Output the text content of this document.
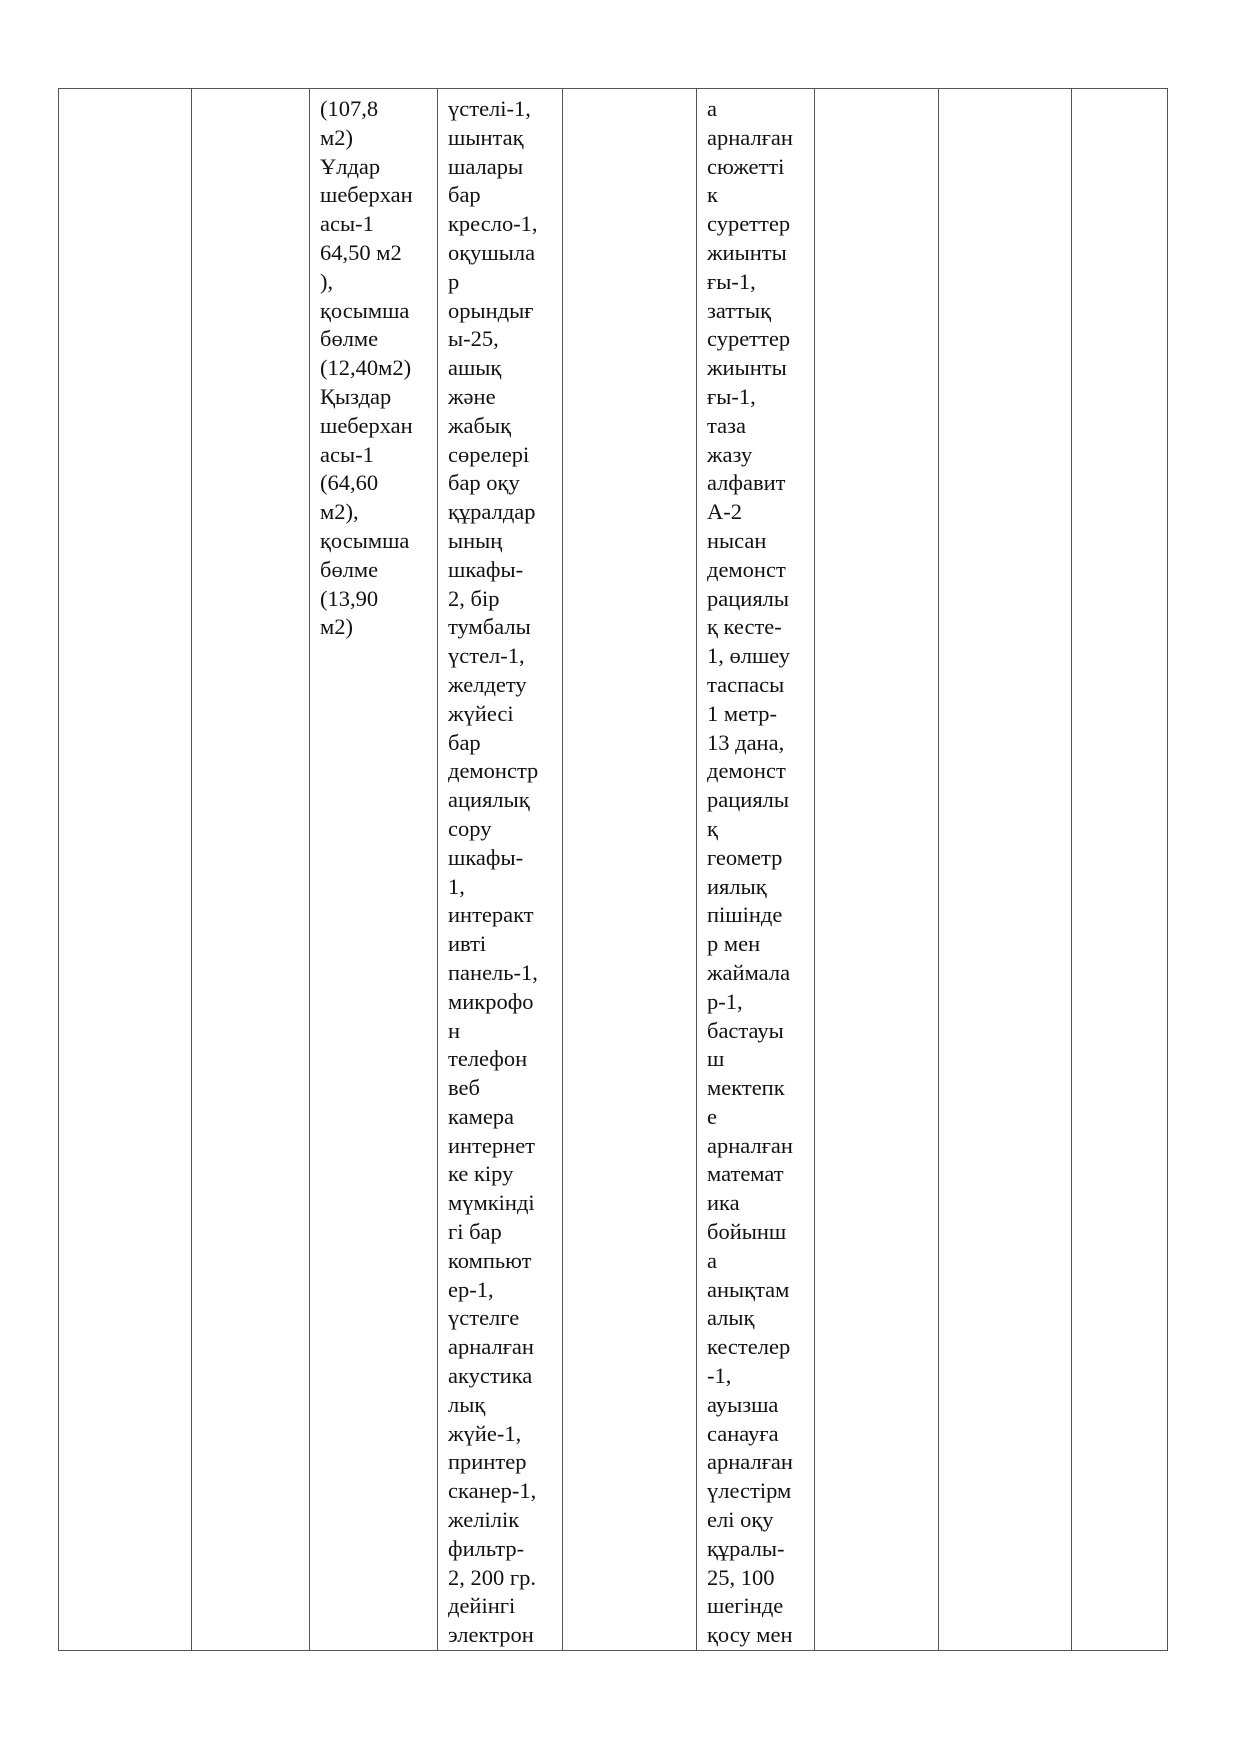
		(107,8
м2)
Ұлдар
шеберхан
асы-1
64,50 м2
),
қосымша
бөлме
(12,40м2)
Қыздар
шеберхан
асы-1
(64,60
м2),
қосымша
бөлме
(13,90
м2)	үстелі-1,
шынтақ
шалары
бар
кресло-1,
оқушыла
р
орындығ
ы-25,
ашық
және
жабық
сөрелері
бар оқу
құралдар
ының
шкафы-
2, бір
тумбалы
үстел-1,
желдету
жүйесі
бар
демонстр
ациялық
сору
шкафы-
1,
интеракт
ивті
панель-1,
микрофо
н
телефон
веб
камера
интернет
ке кіру
мүмкінді
гі бар
компьют
ер-1,
үстелге
арналған
акустика
лық
жүйе-1,
принтер
сканер-1,
желілік
фильтр-
2, 200 гр.
дейінгі
электрон		а
арналған
сюжетті
к
суреттер
жиынты
ғы-1,
заттық
суреттер
жиынты
ғы-1,
таза
жазу
алфавит
А-2
нысан
демонст
рациялы
қ кесте-
1, өлшеу
таспасы
1 метр-
13 дана,
демонст
рациялы
қ
геометр
иялық
пішінде
р мен
жаймала
р-1,
бастауы
ш
мектепк
е
арналған
математ
ика
бойынш
а
анықтам
алық
кестелер
-1,
ауызша
санауға
арналған
үлестірм
елі оқу
құралы-
25, 100
шегінде
қосу мен			
